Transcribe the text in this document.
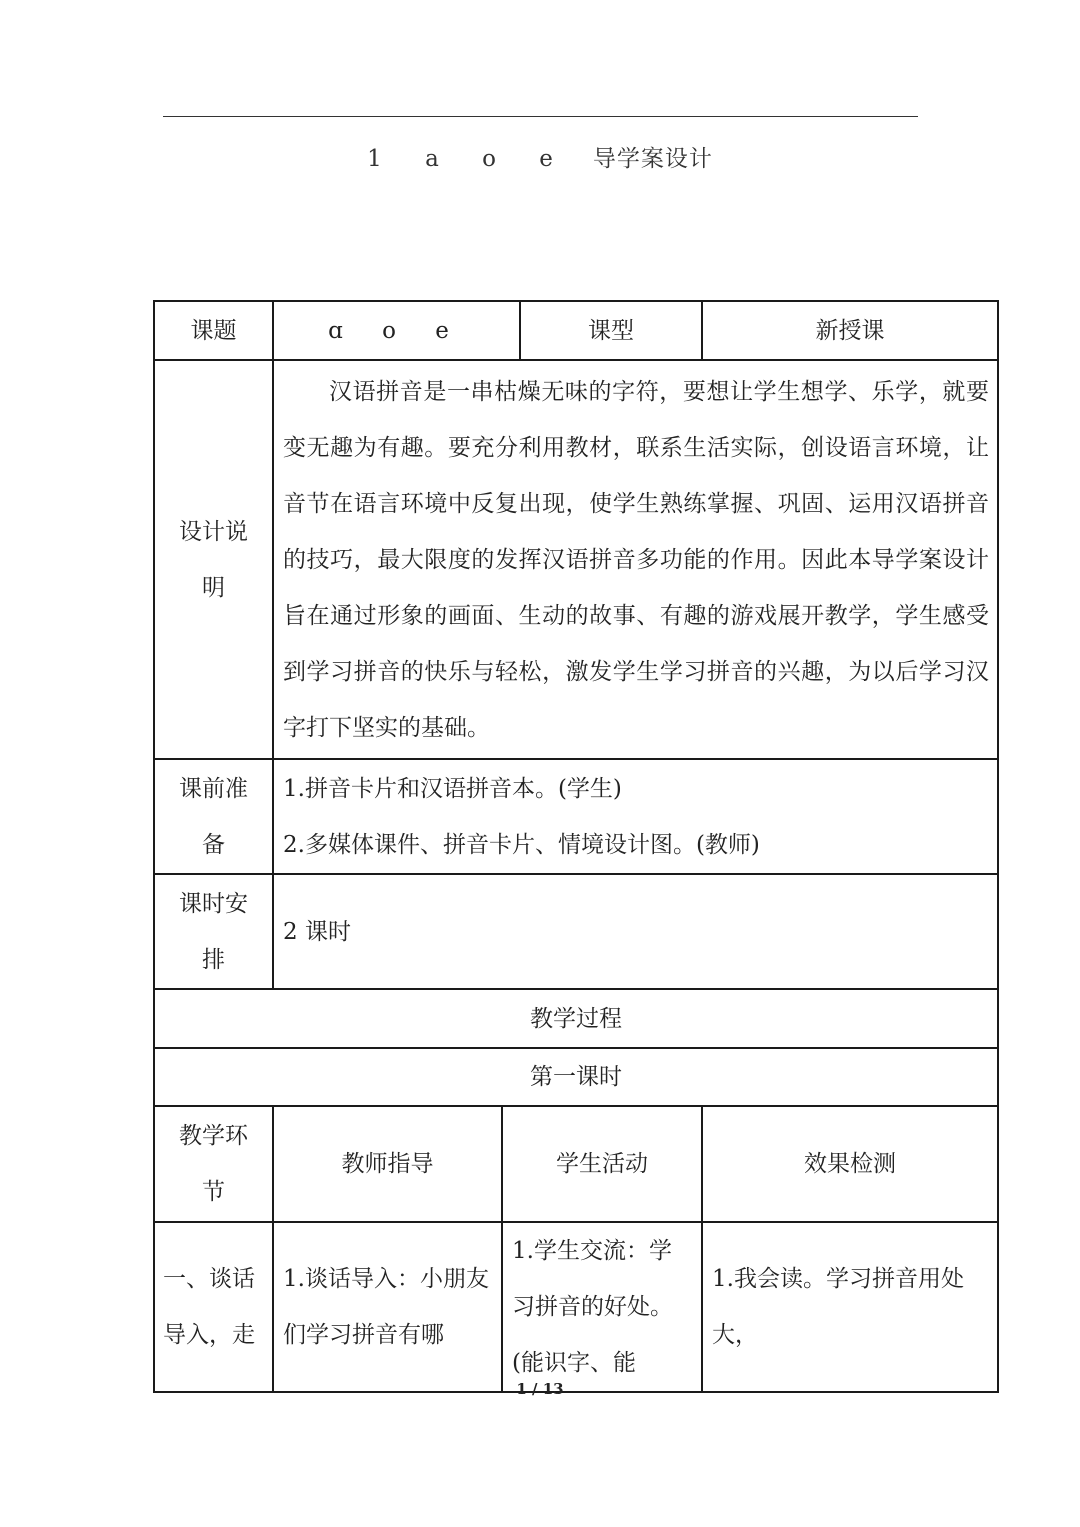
1 a o e 导学案设计
课题	ɑ o e		课型	新授课
设计说明	汉语拼音是一串枯燥无味的字符，要想让学生想学、乐学，就要变无趣为有趣。要充分利用教材，联系生活实际，创设语言环境，让音节在语言环境中反复出现，使学生熟练掌握、巩固、运用汉语拼音的技巧，最大限度的发挥汉语拼音多功能的作用。因此本导学案设计旨在通过形象的画面、生动的故事、有趣的游戏展开教学，学生感受到学习拼音的快乐与轻松，激发学生学习拼音的兴趣，为以后学习汉字打下坚实的基础。			

课前准备	1.拼音卡片和汉语拼音本。(学生)
2.多媒体课件、拼音卡片、情境设计图。(教师)			

课时安排	2 课时			
教学过程				
第一课时				
教学环节	教师指导	学生活动		效果检测
一、谈话导入，走	1.谈话导入：小朋友们学习拼音有哪	1.学生交流：学习拼音的好处。(能识字、能		1.我会读。学习拼音用处大，
1 / 13
